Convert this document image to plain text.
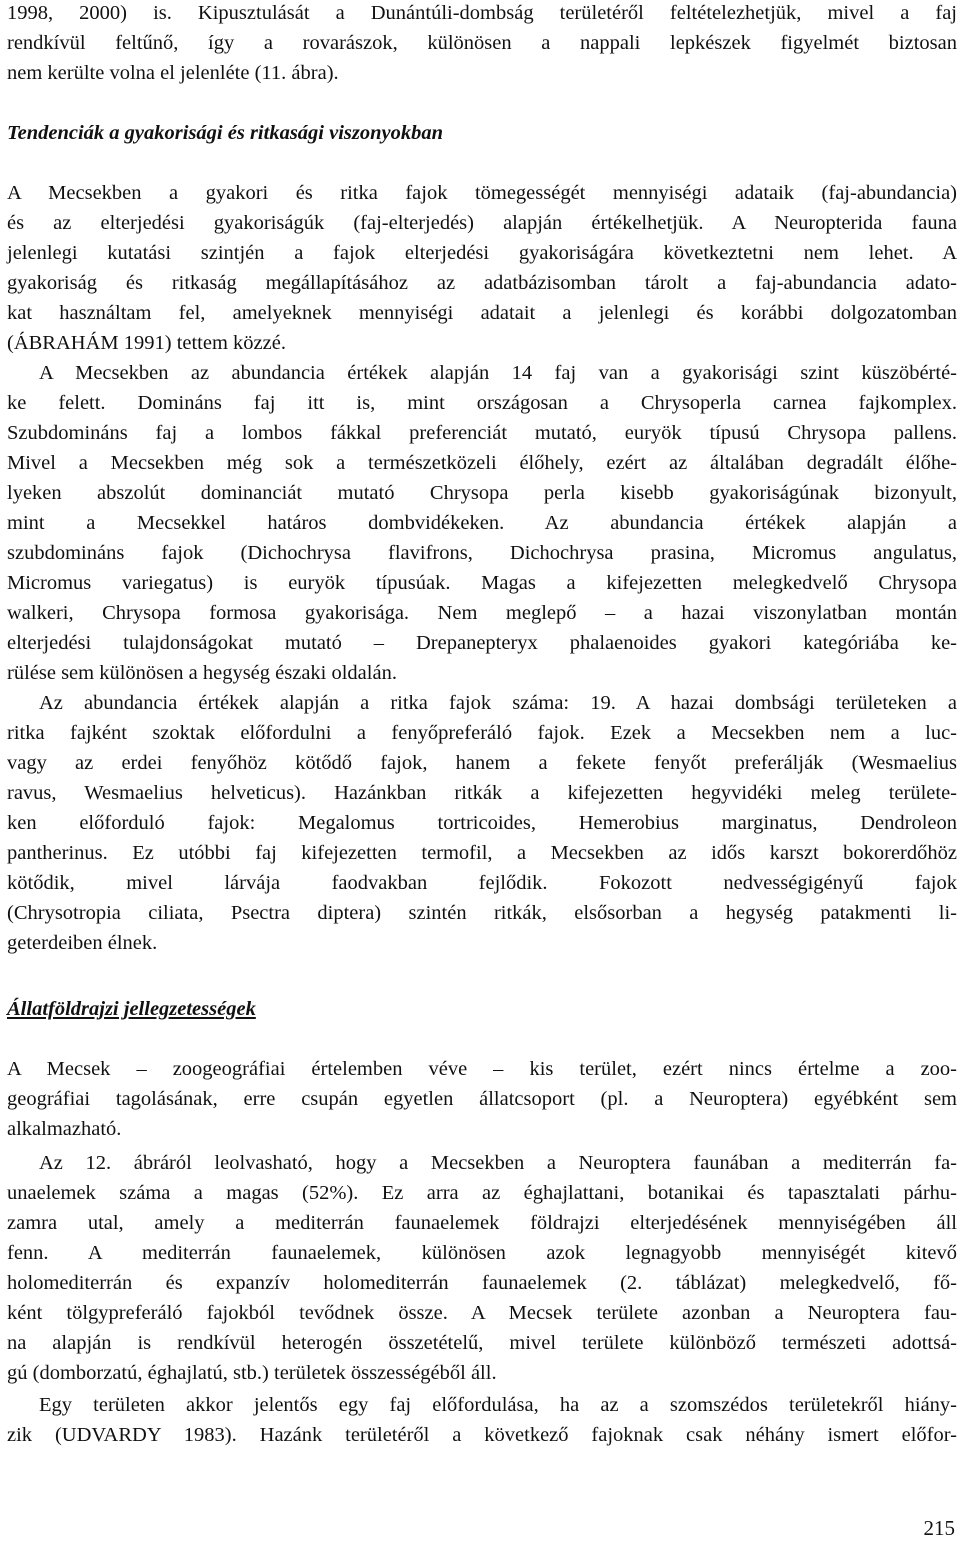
1998, 2000) is. Kipusztulását a Dunántúli-dombság területéről feltételezhetjük, mivel a faj
rendkívül feltűnő, így a rovarászok, különösen a nappali lepkészek figyelmét biztosan
nem kerülte volna el jelenléte (11. ábra).
Tendenciák a gyakorisági és ritkasági viszonyokban
A Mecsekben a gyakori és ritka fajok tömegességét mennyiségi adataik (faj-abundancia)
és az elterjedési gyakoriságúk (faj-elterjedés) alapján értékelhetjük. A Neuropterida fauna
jelenlegi kutatási szintjén a fajok elterjedési gyakoriságára következtetni nem lehet. A
gyakoriság és ritkaság megállapításához az adatbázisomban tárolt a faj-abundancia adato-
kat használtam fel, amelyeknek mennyiségi adatait a jelenlegi és korábbi dolgozatomban
(ÁBRAHÁM 1991) tettem közzé.
A Mecsekben az abundancia értékek alapján 14 faj van a gyakorisági szint küszöbérté-
ke felett. Domináns faj itt is, mint országosan a Chrysoperla carnea fajkomplex.
Szubdomináns faj a lombos fákkal preferenciát mutató, euryök típusú Chrysopa pallens.
Mivel a Mecsekben még sok a természetközeli élőhely, ezért az általában degradált élőhe-
lyeken abszolút dominanciát mutató Chrysopa perla kisebb gyakoriságúnak bizonyult,
mint a Mecsekkel határos dombvidékeken. Az abundancia értékek alapján a
szubdomináns fajok (Dichochrysa flavifrons, Dichochrysa prasina, Micromus angulatus,
Micromus variegatus) is euryök típusúak. Magas a kifejezetten melegkedvelő Chrysopa
walkeri, Chrysopa formosa gyakorisága. Nem meglepő – a hazai viszonylatban montán
elterjedési tulajdonságokat mutató – Drepanepteryx phalaenoides gyakori kategóriába ke-
rülése sem különösen a hegység északi oldalán.
Az abundancia értékek alapján a ritka fajok száma: 19. A hazai dombsági területeken a
ritka fajként szoktak előfordulni a fenyőpreferáló fajok. Ezek a Mecsekben nem a luc-
vagy az erdei fenyőhöz kötődő fajok, hanem a fekete fenyőt preferálják (Wesmaelius
ravus, Wesmaelius helveticus). Hazánkban ritkák a kifejezetten hegyvidéki meleg területe-
ken előforduló fajok: Megalomus tortricoides, Hemerobius marginatus, Dendroleon
pantherinus. Ez utóbbi faj kifejezetten termofil, a Mecsekben az idős karszt bokorerdőhöz
kötődik, mivel lárvája faodvakban fejlődik. Fokozott nedvességigényű fajok
(Chrysotropia ciliata, Psectra diptera) szintén ritkák, elsősorban a hegység patakmenti li-
geterdeiben élnek.
Állatföldrajzi jellegzetességek
A Mecsek – zoogeográfiai értelemben véve – kis terület, ezért nincs értelme a zoo-
geográfiai tagolásának, erre csupán egyetlen állatcsoport (pl. a Neuroptera) egyébként sem
alkalmazható.
Az 12. ábráról leolvasható, hogy a Mecsekben a Neuroptera faunában a mediterrán fa-
unaelemek száma a magas (52%). Ez arra az éghajlattani, botanikai és tapasztalati párhu-
zamra utal, amely a mediterrán faunaelemek földrajzi elterjedésének mennyiségében áll
fenn. A mediterrán faunaelemek, különösen azok legnagyobb mennyiségét kitevő
holomediterrán és expanzív holomediterrán faunaelemek (2. táblázat) melegkedvelő, fő-
ként tölgypreferáló fajokból tevődnek össze. A Mecsek területe azonban a Neuroptera fau-
na alapján is rendkívül heterogén összetételű, mivel területe különböző természeti adottsá-
gú (domborzatú, éghajlatú, stb.) területek összességéből áll.
Egy területen akkor jelentős egy faj előfordulása, ha az a szomszédos területekről hiány-
zik (UDVARDY 1983). Hazánk területéről a következő fajoknak csak néhány ismert előfor-
215
